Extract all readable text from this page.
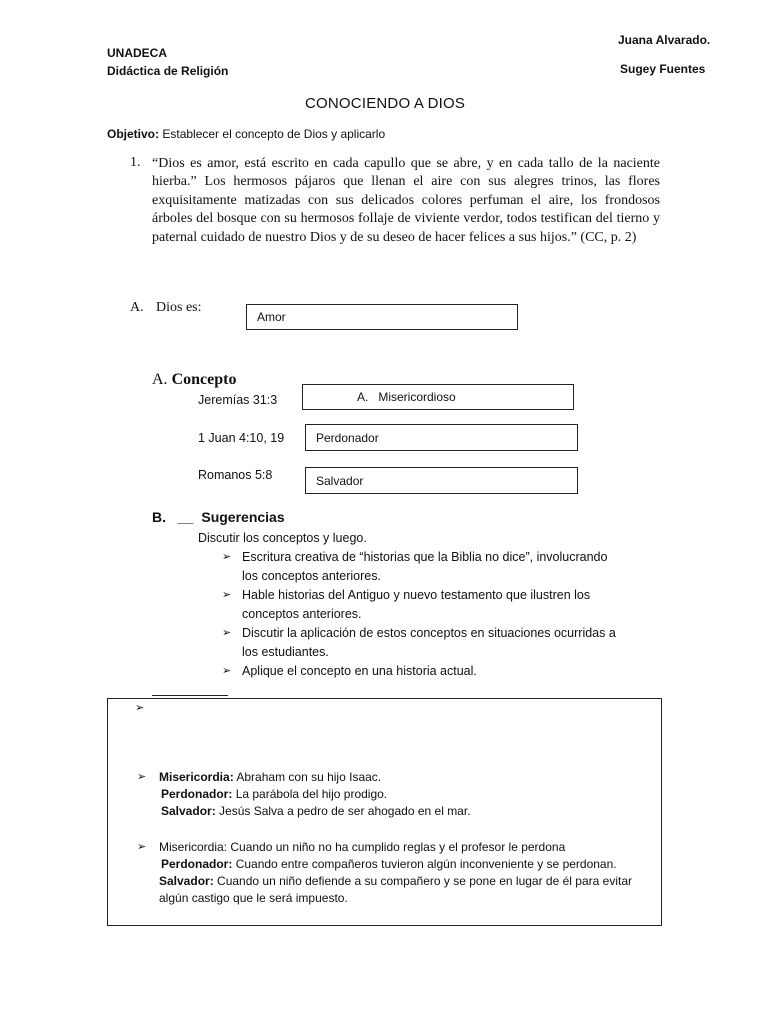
UNADECA
Didáctica de Religión
Juana Alvarado.
Sugey Fuentes
CONOCIENDO A DIOS
Objetivo: Establecer el concepto de Dios y aplicarlo
1. “Dios es amor, está escrito en cada capullo que se abre, y en cada tallo de la naciente hierba.” Los hermosos pájaros que llenan el aire con sus alegres trinos, las flores exquisitamente matizadas con sus delicados colores perfuman el aire, los frondosos árboles del bosque con su hermosos follaje de viviente verdor, todos testifican del tierno y paternal cuidado de nuestro Dios y de su deseo de hacer felices a sus hijos.” (CC, p. 2)
A. Dios es:
Amor
A. Concepto
Jeremías 31:3	A. Misericordioso
1 Juan 4:10, 19	Perdonador
Romanos 5:8	Salvador
B. __ Sugerencias
Discutir los conceptos y luego.
➢ Escritura creativa de “historias que la Biblia no dice”, involucrando
los conceptos anteriores.
➢ Hable historias del Antiguo y nuevo testamento que ilustren los
conceptos anteriores.
➢ Discutir la aplicación de estos conceptos en situaciones ocurridas a
los estudiantes.
➢ Aplique el concepto en una historia actual.
➢
➢ Misericordia: Abraham con su hijo Isaac.
Perdonador: La parábola del hijo prodigo.
Salvador: Jesús Salva a pedro de ser ahogado en el mar.
➢ Misericordia: Cuando un niño no ha cumplido reglas y el profesor le perdona
Perdonador: Cuando entre compañeros tuvieron algún inconveniente y se perdonan.
Salvador: Cuando un niño defiende a su compañero y se pone en lugar de él para evitar
algún castigo que le será impuesto.
